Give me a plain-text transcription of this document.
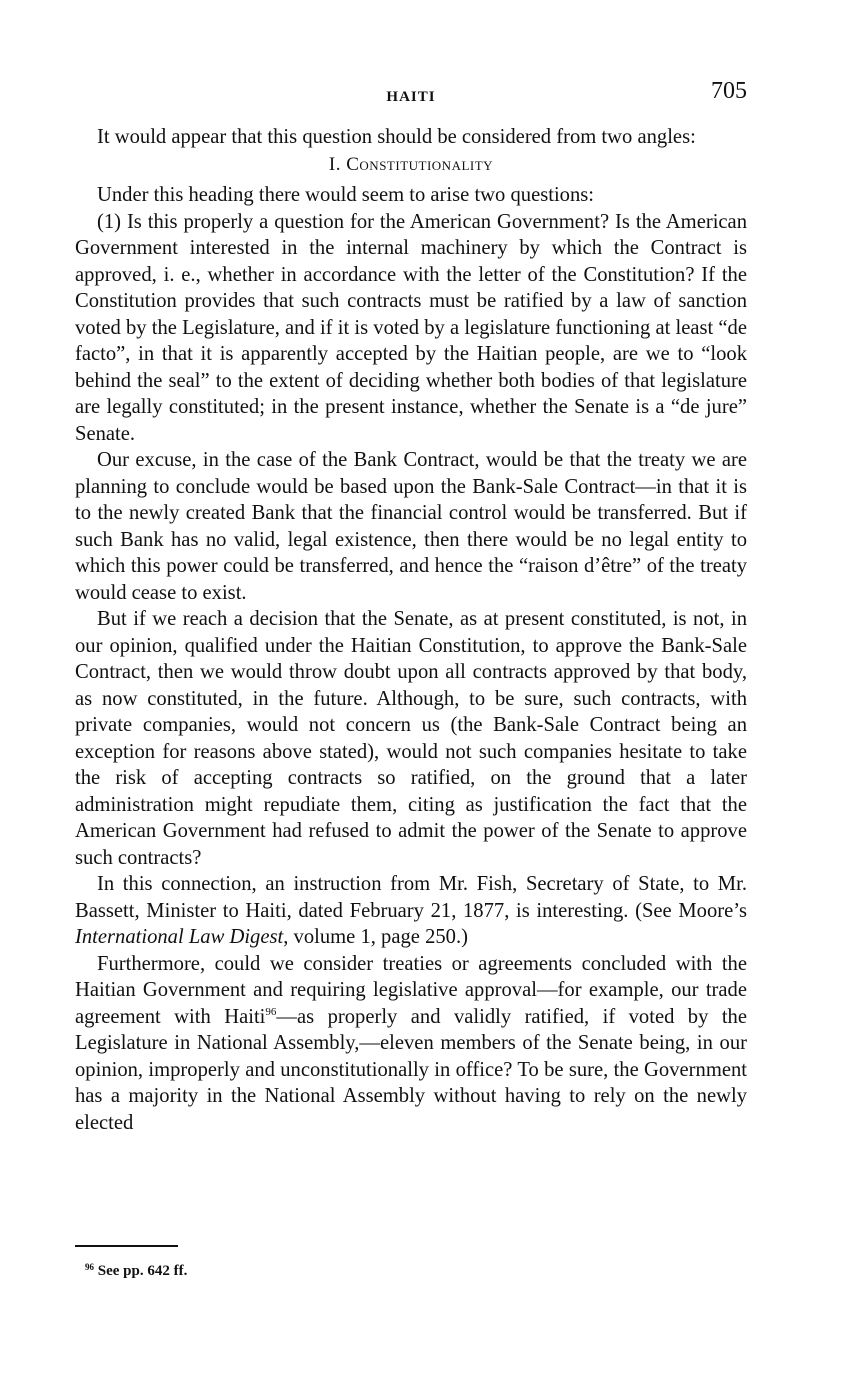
HAITI	705

It would appear that this question should be considered from two angles:

I. Constitutionality

Under this heading there would seem to arise two questions:

(1) Is this properly a question for the American Government? Is the American Government interested in the internal machinery by which the Contract is approved, i. e., whether in accordance with the letter of the Constitution? If the Constitution provides that such contracts must be ratified by a law of sanction voted by the Legislature, and if it is voted by a legislature functioning at least “de facto”, in that it is apparently accepted by the Haitian people, are we to “look behind the seal” to the extent of deciding whether both bodies of that legislature are legally constituted; in the present instance, whether the Senate is a “de jure” Senate.

Our excuse, in the case of the Bank Contract, would be that the treaty we are planning to conclude would be based upon the Bank-Sale Contract—in that it is to the newly created Bank that the financial control would be transferred. But if such Bank has no valid, legal existence, then there would be no legal entity to which this power could be transferred, and hence the “raison d’être” of the treaty would cease to exist.

But if we reach a decision that the Senate, as at present constituted, is not, in our opinion, qualified under the Haitian Constitution, to approve the Bank-Sale Contract, then we would throw doubt upon all contracts approved by that body, as now constituted, in the future. Although, to be sure, such contracts, with private companies, would not concern us (the Bank-Sale Contract being an exception for reasons above stated), would not such companies hesitate to take the risk of accepting contracts so ratified, on the ground that a later administration might repudiate them, citing as justification the fact that the American Government had refused to admit the power of the Senate to approve such contracts?

In this connection, an instruction from Mr. Fish, Secretary of State, to Mr. Bassett, Minister to Haiti, dated February 21, 1877, is interesting. (See Moore’s International Law Digest, volume 1, page 250.)

Furthermore, could we consider treaties or agreements concluded with the Haitian Government and requiring legislative approval—for example, our trade agreement with Haiti$^{96}$—as properly and validly ratified, if voted by the Legislature in National Assembly,—eleven members of the Senate being, in our opinion, improperly and unconstitutionally in office? To be sure, the Government has a majority in the National Assembly without having to rely on the newly elected

$^{96}$ See pp. 642 ff.
